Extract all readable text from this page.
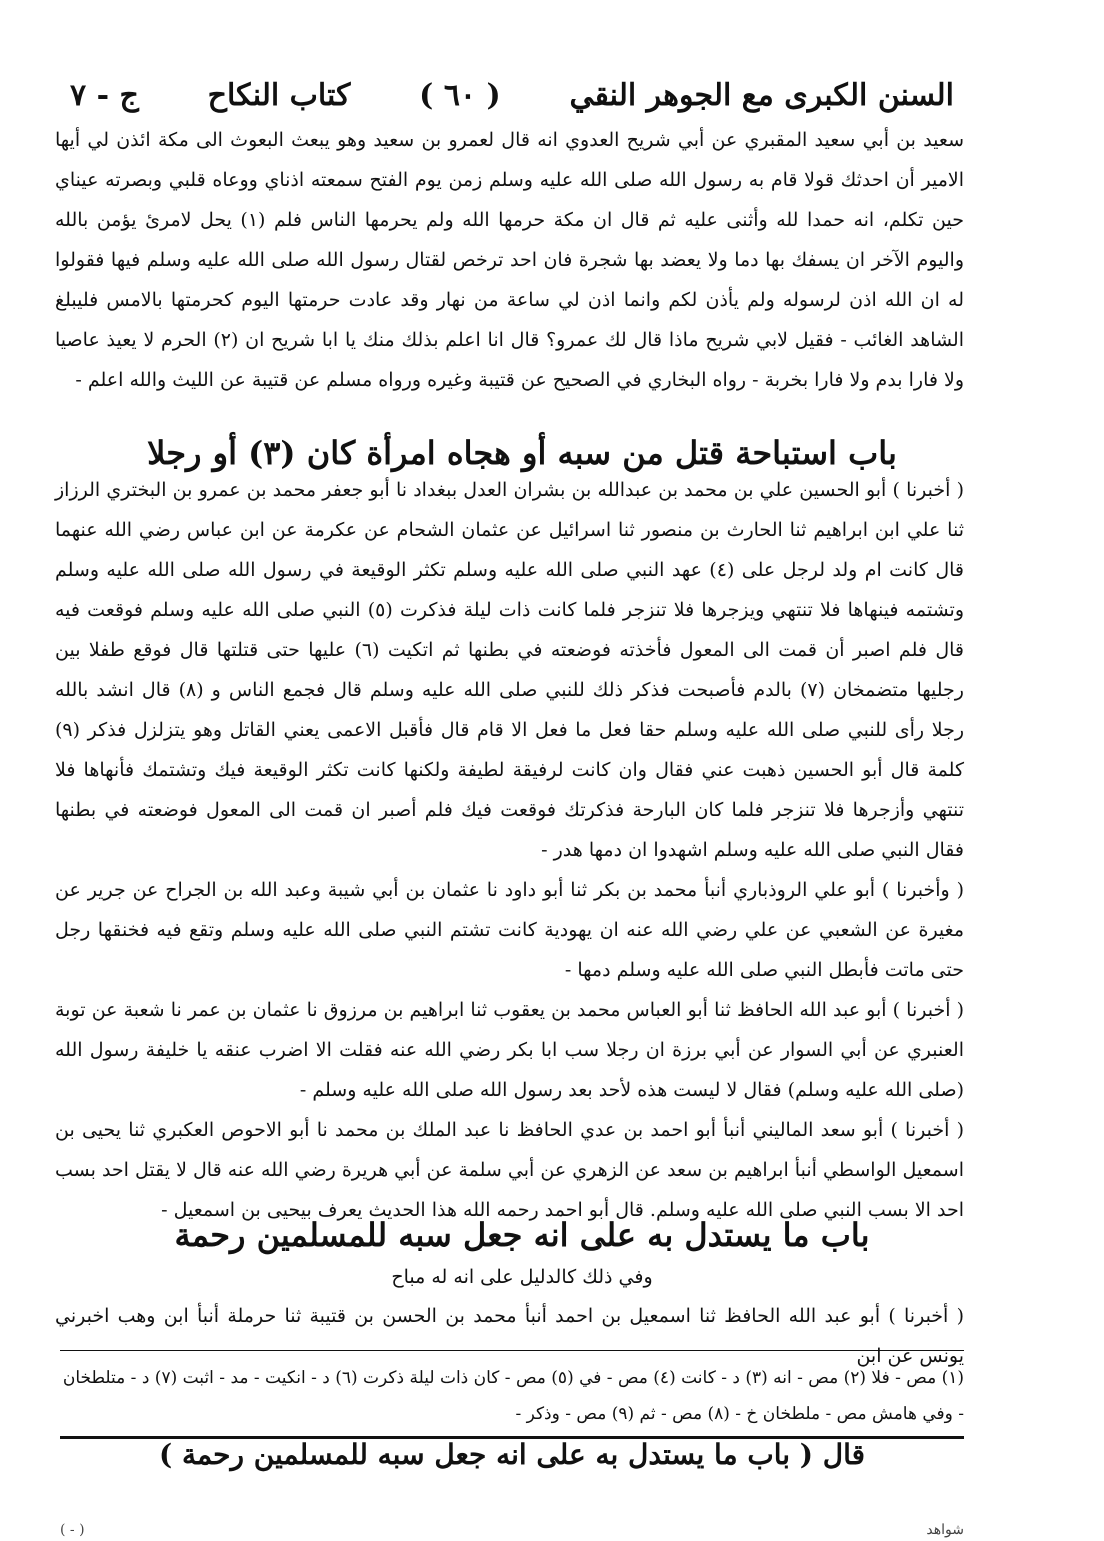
ج - ٧ كتاب النكاح ( ٦٠ ) السنن الكبرى مع الجوهر النقي

سعيد بن أبي سعيد المقبري عن أبي شريح العدوي انه قال لعمرو بن سعيد وهو يبعث البعوث الى مكة ائذن لي أيها الامير أن احدثك قولا قام به رسول الله صلى الله عليه وسلم زمن يوم الفتح سمعته اذناي ووعاه قلبي وبصرته عيناي حين تكلم، انه حمدا لله وأثنى عليه ثم قال ان مكة حرمها الله ولم يحرمها الناس فلم (١) يحل لامرئ يؤمن بالله واليوم الآخر ان يسفك بها دما ولا يعضد بها شجرة فان احد ترخص لقتال رسول الله صلى الله عليه وسلم فيها فقولوا له ان الله اذن لرسوله ولم يأذن لكم وانما اذن لي ساعة من نهار وقد عادت حرمتها اليوم كحرمتها بالامس فليبلغ الشاهد الغائب - فقيل لابي شريح ماذا قال لك عمرو؟ قال انا اعلم بذلك منك يا ابا شريح ان (٢) الحرم لا يعيذ عاصيا ولا فارا بدم ولا فارا بخربة - رواه البخاري في الصحيح عن قتيبة وغيره ورواه مسلم عن قتيبة عن الليث والله اعلم -

باب استباحة قتل من سبه أو هجاه امرأة كان (٣) أو رجلا

( أخبرنا ) أبو الحسين علي بن محمد بن عبدالله بن بشران العدل ببغداد نا أبو جعفر محمد بن عمرو بن البختري الرزاز ثنا علي ابن ابراهيم ثنا الحارث بن منصور ثنا اسرائيل عن عثمان الشحام عن عكرمة عن ابن عباس رضي الله عنهما قال كانت ام ولد لرجل على (٤) عهد النبي صلى الله عليه وسلم تكثر الوقيعة في رسول الله صلى الله عليه وسلم وتشتمه فينهاها فلا تنتهي ويزجرها فلا تنزجر فلما كانت ذات ليلة فذكرت (٥) النبي صلى الله عليه وسلم فوقعت فيه قال فلم اصبر أن قمت الى المعول فأخذته فوضعته في بطنها ثم اتكيت (٦) عليها حتى قتلتها قال فوقع طفلا بين رجليها متضمخان (٧) بالدم فأصبحت فذكر ذلك للنبي صلى الله عليه وسلم قال فجمع الناس و (٨) قال انشد بالله رجلا رأى للنبي صلى الله عليه وسلم حقا فعل ما فعل الا قام قال فأقبل الاعمى يعني القاتل وهو يتزلزل فذكر (٩) كلمة قال أبو الحسين ذهبت عني فقال وان كانت لرفيقة لطيفة ولكنها كانت تكثر الوقيعة فيك وتشتمك فأنهاها فلا تنتهي وأزجرها فلا تنزجر فلما كان البارحة فذكرتك فوقعت فيك فلم أصبر ان قمت الى المعول فوضعته في بطنها فقال النبي صلى الله عليه وسلم اشهدوا ان دمها هدر -

( وأخبرنا ) أبو علي الروذباري أنبأ محمد بن بكر ثنا أبو داود نا عثمان بن أبي شيبة وعبد الله بن الجراح عن جرير عن مغيرة عن الشعبي عن علي رضي الله عنه ان يهودية كانت تشتم النبي صلى الله عليه وسلم وتقع فيه فخنقها رجل حتى ماتت فأبطل النبي صلى الله عليه وسلم دمها -

( أخبرنا ) أبو عبد الله الحافظ ثنا أبو العباس محمد بن يعقوب ثنا ابراهيم بن مرزوق نا عثمان بن عمر نا شعبة عن توبة العنبري عن أبي السوار عن أبي برزة ان رجلا سب ابا بكر رضي الله عنه فقلت الا اضرب عنقه يا خليفة رسول الله (صلى الله عليه وسلم) فقال لا ليست هذه لأحد بعد رسول الله صلى الله عليه وسلم -

( أخبرنا ) أبو سعد الماليني أنبأ أبو احمد بن عدي الحافظ نا عبد الملك بن محمد نا أبو الاحوص العكبري ثنا يحيى بن اسمعيل الواسطي أنبأ ابراهيم بن سعد عن الزهري عن أبي سلمة عن أبي هريرة رضي الله عنه قال لا يقتل احد بسب احد الا بسب النبي صلى الله عليه وسلم. قال أبو احمد رحمه الله هذا الحديث يعرف بيحيى بن اسمعيل -

باب ما يستدل به على انه جعل سبه للمسلمين رحمة
وفي ذلك كالدليل على انه له مباح

( أخبرنا ) أبو عبد الله الحافظ ثنا اسمعيل بن احمد أنبأ محمد بن الحسن بن قتيبة ثنا حرملة أنبأ ابن وهب اخبرني يونس عن ابن

(١) مص - فلا (٢) مص - انه (٣) د - كانت (٤) مص - في (٥) مص - كان ذات ليلة ذكرت (٦) د - انكيت - مد - اثبت (٧) د - متلطخان - وفي هامش مص - ملطخان خ - (٨) مص - ثم (٩) مص - وذكر -

قال ( باب ما يستدل به على انه جعل سبه للمسلمين رحمة )
( - )	شواهد
